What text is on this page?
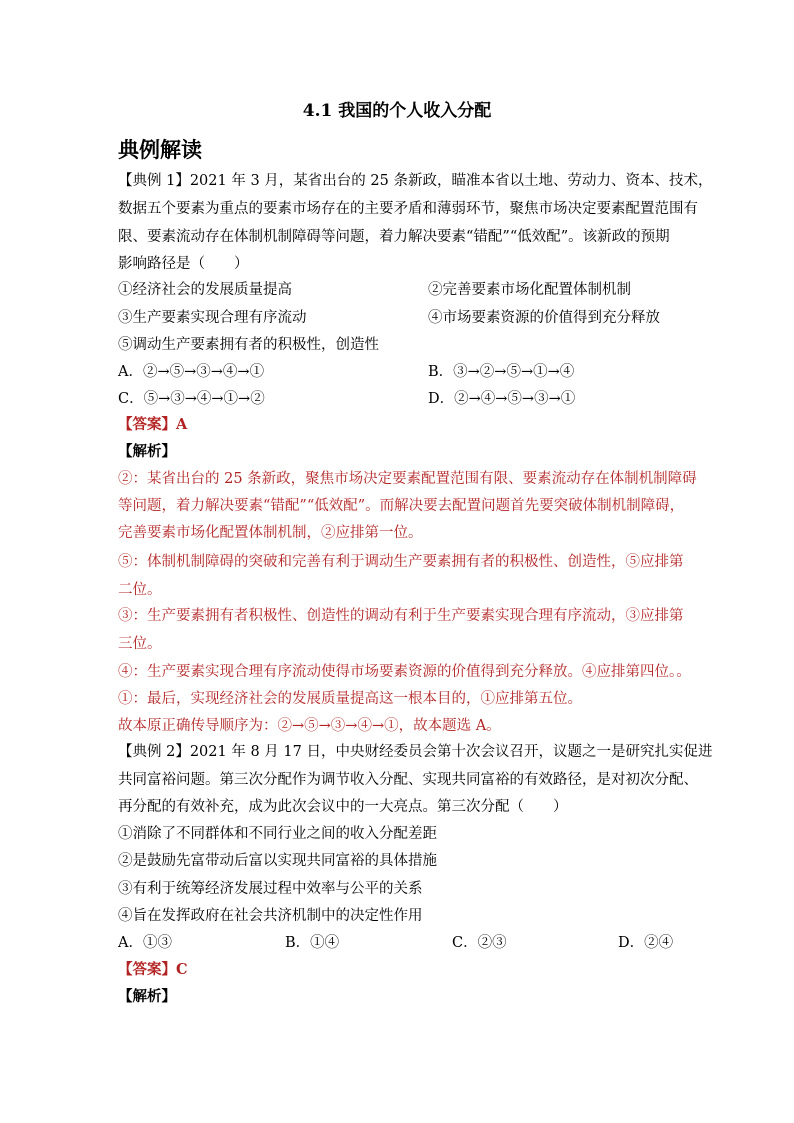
4.1 我国的个人收入分配
典例解读
【典例 1】2021 年 3 月，某省出台的 25 条新政，瞄准本省以土地、劳动力、资本、技术，
数据五个要素为重点的要素市场存在的主要矛盾和薄弱环节，聚焦市场决定要素配置范围有
限、要素流动存在体制机制障碍等问题，着力解决要素“错配”“低效配”。该新政的预期
影响路径是（　　）
①经济社会的发展质量提高	②完善要素市场化配置体制机制
③生产要素实现合理有序流动	④市场要素资源的价值得到充分释放
⑤调动生产要素拥有者的积极性，创造性
A．②→⑤→③→④→①	B．③→②→⑤→①→④
C．⑤→③→④→①→②	D．②→④→⑤→③→①
【答案】A
【解析】
②：某省出台的 25 条新政，聚焦市场决定要素配置范围有限、要素流动存在体制机制障碍
等问题，着力解决要素“错配”“低效配”。而解决要去配置问题首先要突破体制机制障碍，
完善要素市场化配置体制机制，②应排第一位。
⑤：体制机制障碍的突破和完善有利于调动生产要素拥有者的积极性、创造性，⑤应排第
二位。
③：生产要素拥有者积极性、创造性的调动有利于生产要素实现合理有序流动，③应排第
三位。
④：生产要素实现合理有序流动使得市场要素资源的价值得到充分释放。④应排第四位。。
①：最后，实现经济社会的发展质量提高这一根本目的，①应排第五位。
故本原正确传导顺序为：②→⑤→③→④→①，故本题选 A。
【典例 2】2021 年 8 月 17 日，中央财经委员会第十次会议召开，议题之一是研究扎实促进
共同富裕问题。第三次分配作为调节收入分配、实现共同富裕的有效路径，是对初次分配、
再分配的有效补充，成为此次会议中的一大亮点。第三次分配（　　）
①消除了不同群体和不同行业之间的收入分配差距
②是鼓励先富带动后富以实现共同富裕的具体措施
③有利于统筹经济发展过程中效率与公平的关系
④旨在发挥政府在社会共济机制中的决定性作用
A．①③	B．①④	C．②③	D．②④
【答案】C
【解析】
